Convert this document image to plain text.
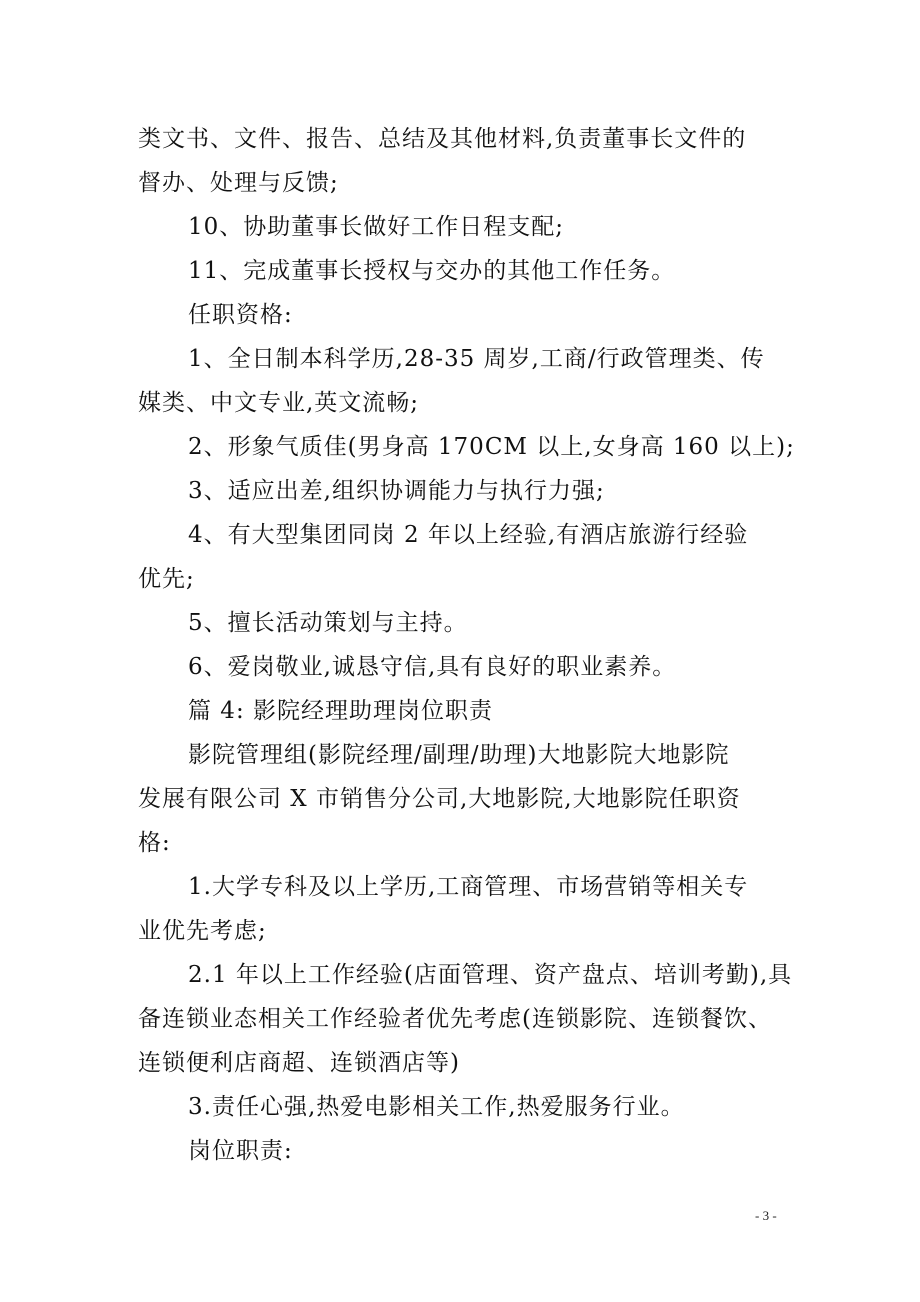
类文书、文件、报告、总结及其他材料,负责董事长文件的
督办、处理与反馈;
10、协助董事长做好工作日程支配;
11、完成董事长授权与交办的其他工作任务。
任职资格:
1、全日制本科学历,28-35 周岁,工商/行政管理类、传
媒类、中文专业,英文流畅;
2、形象气质佳(男身高 170CM 以上,女身高 160 以上);
3、适应出差,组织协调能力与执行力强;
4、有大型集团同岗 2 年以上经验,有酒店旅游行经验
优先;
5、擅长活动策划与主持。
6、爱岗敬业,诚恳守信,具有良好的职业素养。
篇 4: 影院经理助理岗位职责
影院管理组(影院经理/副理/助理)大地影院大地影院
发展有限公司 X 市销售分公司,大地影院,大地影院任职资
格:
1.大学专科及以上学历,工商管理、市场营销等相关专
业优先考虑;
2.1 年以上工作经验(店面管理、资产盘点、培训考勤),具
备连锁业态相关工作经验者优先考虑(连锁影院、连锁餐饮、
连锁便利店商超、连锁酒店等)
3.责任心强,热爱电影相关工作,热爱服务行业。
岗位职责:
- 3 -
